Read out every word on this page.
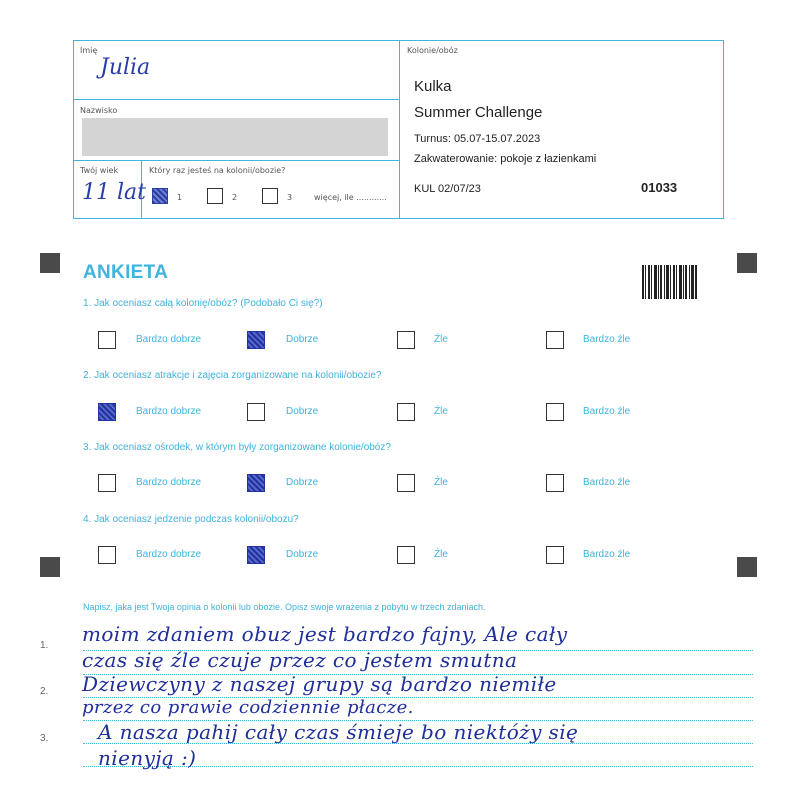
Imię
Julia
Nazwisko
Twój wiek
11 lat
Który raz jesteś na kolonii/obozie?
1	2	3	więcej, ile ............
Kolonie/obóz
Kulka
Summer Challenge
Turnus: 05.07-15.07.2023
Zakwaterowanie: pokoje z łazienkami
KUL 02/07/23	01033
ANKIETA
1. Jak oceniasz całą kolonię/obóz? (Podobało Ci się?)
Bardzo dobrze	Dobrze	Źle	Bardzo źle
2. Jak oceniasz atrakcje i zajęcia zorganizowane na kolonii/obozie?
Bardzo dobrze	Dobrze	Źle	Bardzo źle
3. Jak oceniasz ośrodek, w którym były zorganizowane kolonie/obóz?
Bardzo dobrze	Dobrze	Źle	Bardzo źle
4. Jak oceniasz jedzenie podczas kolonii/obozu?
Bardzo dobrze	Dobrze	Źle	Bardzo źle
Napisz, jaka jest Twoja opinia o kolonii lub obozie. Opisz swoje wrażenia z pobytu w trzech zdaniach.
1.
2.
3.
moim zdaniem obuz jest bardzo fajny, Ale cały
czas się źle czuje przez co jestem smutna
Dziewczyny z naszej grupy są bardzo niemiłe
przez co prawie codziennie płacze.
A nasza pahij cały czas śmieje bo niektóży się
nienyją :)
